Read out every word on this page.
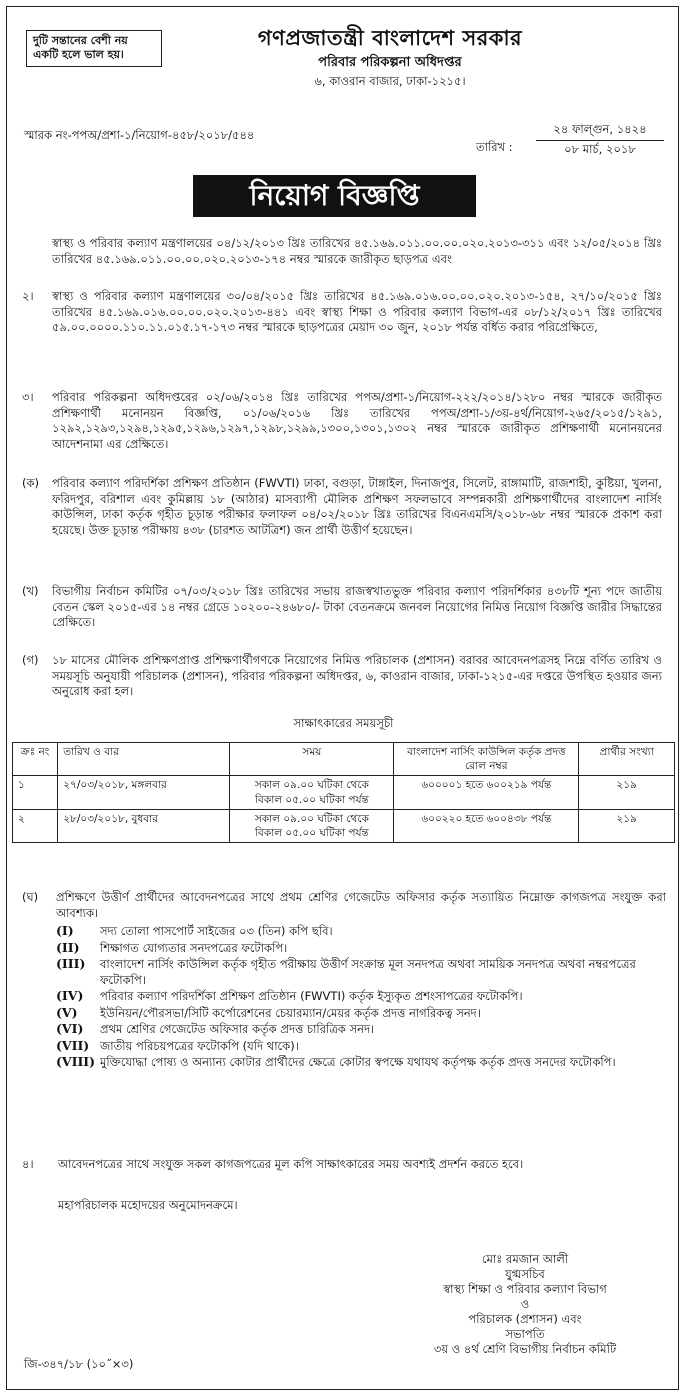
দুটি সন্তানের বেশী নয় একটি হলে ভাল হয়।
গণপ্রজাতন্ত্রী বাংলাদেশ সরকার
পরিবার পরিকল্পনা অধিদপ্তর
৬, কাওরান বাজার, ঢাকা-১২১৫।
স্মারক নং-পপঅ/প্রশা-১/নিয়োগ-৪৫৮/২০১৮/৫৪৪
তারিখ :
২৪ ফাল্গুন, ১৪২৪
০৮ মার্চ, ২০১৮
নিয়োগ বিজ্ঞপ্তি
স্বাস্থ্য ও পরিবার কল্যাণ মন্ত্রণালয়ের ০৪/১২/২০১৩ খ্রিঃ তারিখের ৪৫.১৬৯.০১১.০০.০০.০২০.২০১৩-৩১১ এবং ১২/০৫/২০১৪ খ্রিঃ তারিখের ৪৫.১৬৯.০১১.০০.০০.০২০.২০১৩-১৭৪ নম্বর স্মারকে জারীকৃত ছাড়পত্র এবং
২।	স্বাস্থ্য ও পরিবার কল্যাণ মন্ত্রণালয়ের ৩০/০৪/২০১৫ খ্রিঃ তারিখের ৪৫.১৬৯.০১৬.০০.০০.০২০.২০১৩-১৫৪, ২৭/১০/২০১৫ খ্রিঃ তারিখের ৪৫.১৬৯.০১৬.০০.০০.০২০.২০১৩-৪৪১ এবং স্বাস্থ্য শিক্ষা ও পরিবার কল্যাণ বিভাগ-এর ০৮/১২/২০১৭ খ্রিঃ তারিখের ৫৯.০০.০০০০.১১০.১১.০১৫.১৭-১৭৩ নম্বর স্মারকে ছাড়পত্রের মেয়াদ ৩০ জুন, ২০১৮ পর্যন্ত বর্ধিত করার পরিপ্রেক্ষিতে,
৩।	পরিবার পরিকল্পনা অধিদপ্তরের ০২/০৬/২০১৪ খ্রিঃ তারিখের পপঅ/প্রশা-১/নিয়োগ-২২২/২০১৪/১২৮০ নম্বর স্মারকে জারীকৃত প্রশিক্ষণার্থী মনোনয়ন বিজ্ঞপ্তি, ০১/০৬/২০১৬ খ্রিঃ তারিখের পপঅ/প্রশা-১/৩য়-৪র্থ/নিয়োগ-২৬৫/২০১৫/১২৯১, ১২৯২,১২৯৩,১২৯৪,১২৯৫,১২৯৬,১২৯৭,১২৯৮,১২৯৯,১৩০০,১৩০১,১৩০২ নম্বর স্মারকে জারীকৃত প্রশিক্ষণার্থী মনোনয়নের আদেশনামা এর প্রেক্ষিতে।
(ক)	পরিবার কল্যাণ পরিদর্শিকা প্রশিক্ষণ প্রতিষ্ঠান (FWVTI) ঢাকা, বগুড়া, টাঙ্গাইল, দিনাজপুর, সিলেট, রাঙ্গামাটি, রাজশাহী, কুষ্টিয়া, খুলনা, ফরিদপুর, বরিশাল এবং কুমিল্লায় ১৮ (আঠার) মাসব্যাপী মৌলিক প্রশিক্ষণ সফলভাবে সম্পন্নকারী প্রশিক্ষণার্থীদের বাংলাদেশ নার্সিং কাউন্সিল, ঢাকা কর্তৃক গৃহীত চূড়ান্ত পরীক্ষার ফলাফল ০৪/০২/২০১৮ খ্রিঃ তারিখের বিএনএমসি/২০১৮-৬৮ নম্বর স্মারকে প্রকাশ করা হয়েছে। উক্ত চূড়ান্ত পরীক্ষায় ৪৩৮ (চারশত আটত্রিশ) জন প্রার্থী উত্তীর্ণ হয়েছেন।
(খ)	বিভাগীয় নির্বাচন কমিটির ০৭/০৩/২০১৮ খ্রিঃ তারিখের সভায় রাজস্বখাতভুক্ত পরিবার কল্যাণ পরিদর্শিকার ৪৩৮টি শূন্য পদে জাতীয় বেতন স্কেল ২০১৫-এর ১৪ নম্বর গ্রেডে ১০২০০-২৪৬৮০/- টাকা বেতনক্রমে জনবল নিয়োগের নিমিত্ত নিয়োগ বিজ্ঞপ্তি জারীর সিদ্ধান্তের প্রেক্ষিতে।
(গ)	১৮ মাসের মৌলিক প্রশিক্ষণপ্রাপ্ত প্রশিক্ষণার্থীগণকে নিয়োগের নিমিত্ত পরিচালক (প্রশাসন) বরাবর আবেদনপত্রসহ নিম্নে বর্ণিত তারিখ ও সময়সূচি অনুযায়ী পরিচালক (প্রশাসন), পরিবার পরিকল্পনা অধিদপ্তর, ৬, কাওরান বাজার, ঢাকা-১২১৫-এর দপ্তরে উপস্থিত হওয়ার জন্য অনুরোধ করা হল।
সাক্ষাৎকারের সময়সূচী
ক্রঃ নং	তারিখ ও বার	সময়	বাংলাদেশ নার্সিং কাউন্সিল কর্তৃক প্রদত্ত রোল নম্বর	প্রার্থীর সংখ্যা
১	২৭/০৩/২০১৮, মঙ্গলবার	সকাল ০৯.০০ ঘটিকা থেকে
বিকাল ০৫.০০ ঘটিকা পর্যন্ত	৬০০০০১ হতে ৬০০২১৯ পর্যন্ত	২১৯
২	২৮/০৩/২০১৮, বুধবার	সকাল ০৯.০০ ঘটিকা থেকে
বিকাল ০৫.০০ ঘটিকা পর্যন্ত	৬০০২২০ হতে ৬০০৪৩৮ পর্যন্ত	২১৯
(ঘ) প্রশিক্ষণে উত্তীর্ণ প্রার্থীদের আবেদনপত্রের সাথে প্রথম শ্রেণির গেজেটেড অফিসার কর্তৃক সত্যায়িত নিম্নোক্ত কাগজপত্র সংযুক্ত করা আবশ্যক।
(I) সদ্য তোলা পাসপোর্ট সাইজের ০৩ (তিন) কপি ছবি।
(II) শিক্ষাগত যোগ্যতার সনদপত্রের ফটোকপি।
(III) বাংলাদেশ নার্সিং কাউন্সিল কর্তৃক গৃহীত পরীক্ষায় উত্তীর্ণ সংক্রান্ত মূল সনদপত্র অথবা সাময়িক সনদপত্র অথবা নম্বরপত্রের ফটোকপি।
(IV) পরিবার কল্যাণ পরিদর্শিকা প্রশিক্ষণ প্রতিষ্ঠান (FWVTI) কর্তৃক ইস্যুকৃত প্রশংসাপত্রের ফটোকপি।
(V) ইউনিয়ন/পৌরসভা/সিটি কর্পোরেশনের চেয়ারম্যান/মেয়র কর্তৃক প্রদত্ত নাগরিকত্ব সনদ।
(VI) প্রথম শ্রেণির গেজেটেড অফিসার কর্তৃক প্রদত্ত চারিত্রিক সনদ।
(VII) জাতীয় পরিচয়পত্রের ফটোকপি (যদি থাকে)।
(VIII) মুক্তিযোদ্ধা পোষ্য ও অন্যান্য কোটার প্রার্থীদের ক্ষেত্রে কোটার স্বপক্ষে যথাযথ কর্তৃপক্ষ কর্তৃক প্রদত্ত সনদের ফটোকপি।
৪। আবেদনপত্রের সাথে সংযুক্ত সকল কাগজপত্রের মূল কপি সাক্ষাৎকারের সময় অবশ্যই প্রদর্শন করতে হবে।
মহাপরিচালক মহোদয়ের অনুমোদনক্রমে।
মোঃ রমজান আলী
যুগ্মসচিব
স্বাস্থ্য শিক্ষা ও পরিবার কল্যাণ বিভাগ
ও
পরিচালক (প্রশাসন) এবং
সভাপতি
৩য় ও ৪র্থ শ্রেণি বিভাগীয় নির্বাচন কমিটি
জি-৩৪৭/১৮ (১০˝×৩)
